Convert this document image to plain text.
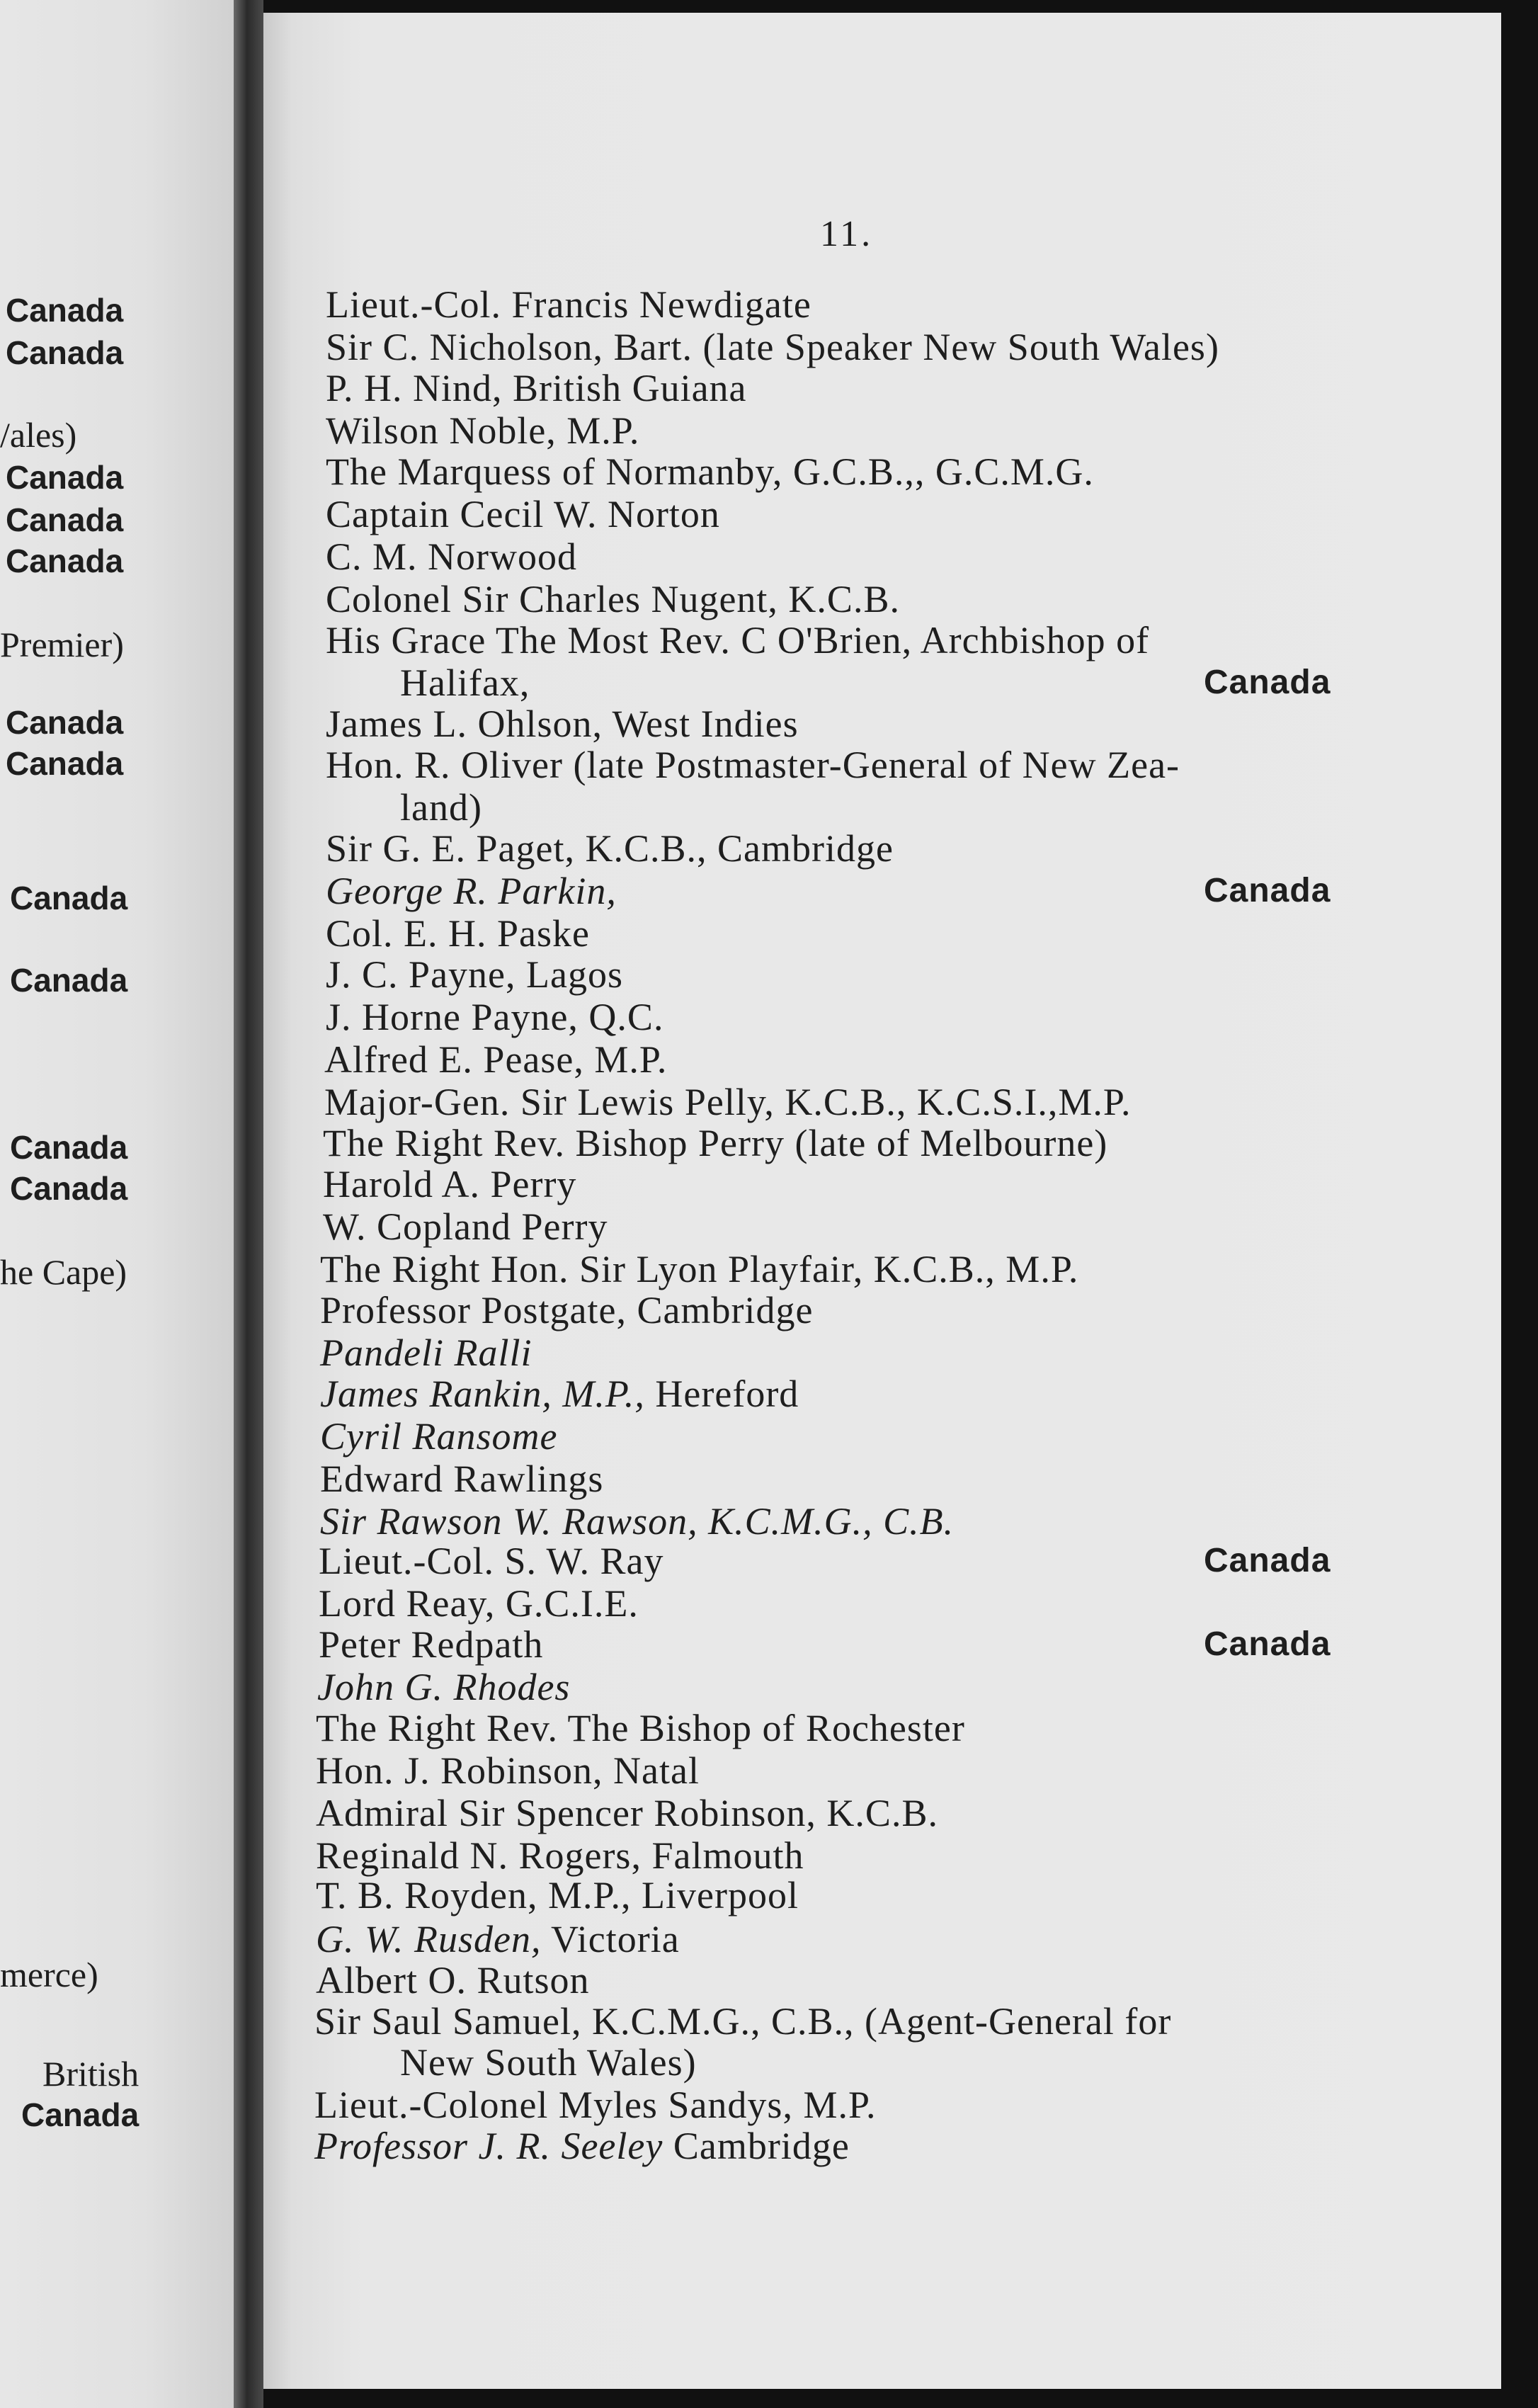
11.
Canada
Canada
/ales)
Canada
Canada
Canada
Premier)
Canada
Canada
Canada
Canada
Canada
Canada
he Cape)
merce)
British
Canada
Lieut.-Col. Francis Newdigate
Sir C. Nicholson, Bart. (late Speaker New South Wales)
P. H. Nind, British Guiana
Wilson Noble, M.P.
The Marquess of Normanby, G.C.B.,, G.C.M.G.
Captain Cecil W. Norton
C. M. Norwood
Colonel Sir Charles Nugent, K.C.B.
His Grace The Most Rev. C O'Brien, Archbishop of
Halifax,	Canada
James L. Ohlson, West Indies
Hon. R. Oliver (late Postmaster-General of New Zea-
land)
Sir G. E. Paget, K.C.B., Cambridge
George R. Parkin,	Canada
Col. E. H. Paske
J. C. Payne, Lagos
J. Horne Payne, Q.C.
Alfred E. Pease, M.P.
Major-Gen. Sir Lewis Pelly, K.C.B., K.C.S.I.,M.P.
The Right Rev. Bishop Perry (late of Melbourne)
Harold A. Perry
W. Copland Perry
The Right Hon. Sir Lyon Playfair, K.C.B., M.P.
Professor Postgate, Cambridge
Pandeli Ralli
James Rankin, M.P., Hereford
Cyril Ransome
Edward Rawlings
Sir Rawson W. Rawson, K.C.M.G., C.B.
Lieut.-Col. S. W. Ray	Canada
Lord Reay, G.C.I.E.
Peter Redpath	Canada
John G. Rhodes
The Right Rev. The Bishop of Rochester
Hon. J. Robinson, Natal
Admiral Sir Spencer Robinson, K.C.B.
Reginald N. Rogers, Falmouth
T. B. Royden, M.P., Liverpool
G. W. Rusden, Victoria
Albert O. Rutson
Sir Saul Samuel, K.C.M.G., C.B., (Agent-General for
New South Wales)
Lieut.-Colonel Myles Sandys, M.P.
Professor J. R. Seeley Cambridge
